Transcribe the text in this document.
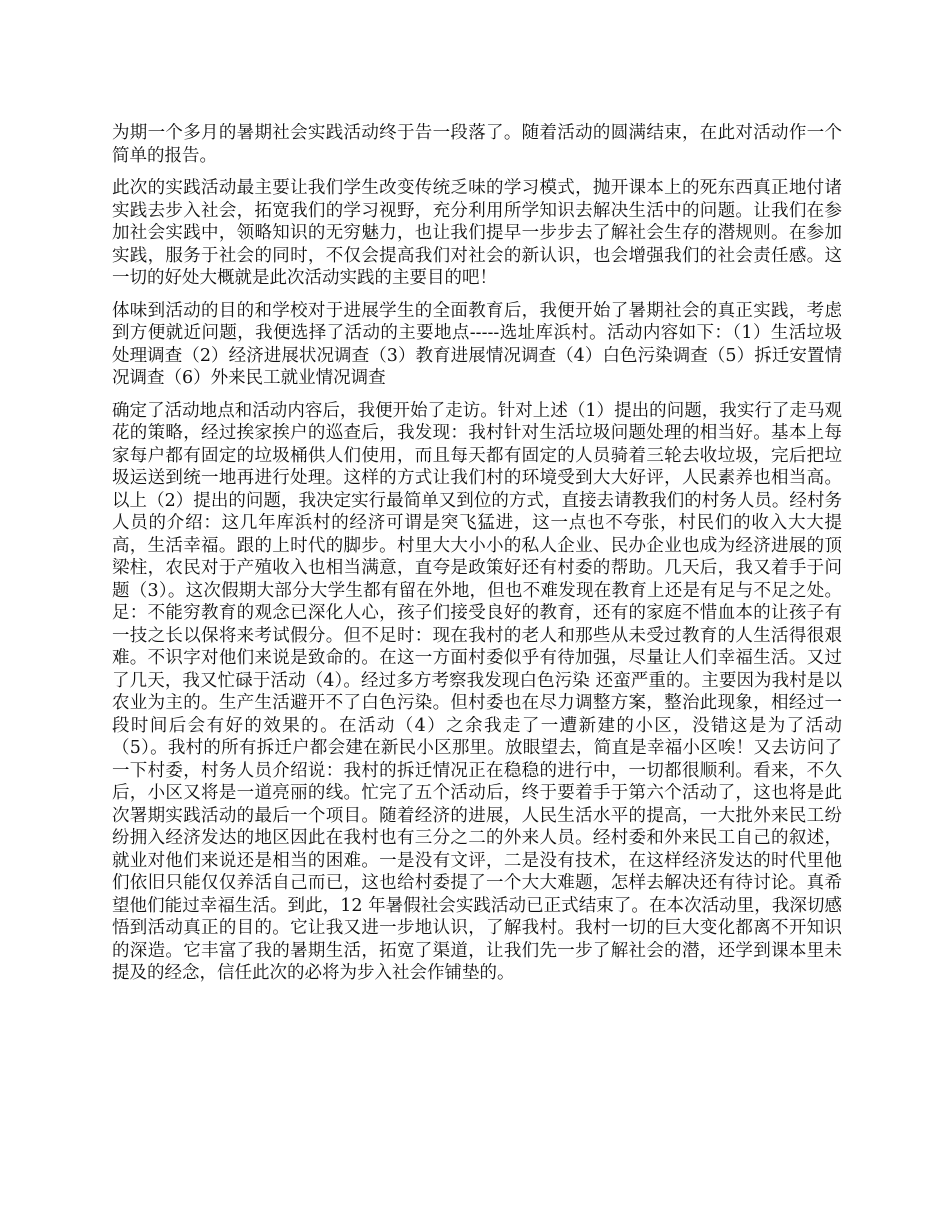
为期一个多月的暑期社会实践活动终于告一段落了。随着活动的圆满结束，在此对活动作一个简单的报告。

此次的实践活动最主要让我们学生改变传统乏味的学习模式，抛开课本上的死东西真正地付诸实践去步入社会，拓宽我们的学习视野，充分利用所学知识去解决生活中的问题。让我们在参加社会实践中，领略知识的无穷魅力，也让我们提早一步步去了解社会生存的潜规则。在参加实践，服务于社会的同时，不仅会提高我们对社会的新认识，也会增强我们的社会责任感。这一切的好处大概就是此次活动实践的主要目的吧！

体味到活动的目的和学校对于进展学生的全面教育后，我便开始了暑期社会的真正实践，考虑到方便就近问题，我便选择了活动的主要地点-----选址库浜村。活动内容如下：（1）生活垃圾处理调查（2）经济进展状况调查（3）教育进展情况调查（4）白色污染调查（5）拆迁安置情况调查（6）外来民工就业情况调查

确定了活动地点和活动内容后，我便开始了走访。针对上述（1）提出的问题，我实行了走马观花的策略，经过挨家挨户的巡查后，我发现：我村针对生活垃圾问题处理的相当好。基本上每家每户都有固定的垃圾桶供人们使用，而且每天都有固定的人员骑着三轮去收垃圾，完后把垃圾运送到统一地再进行处理。这样的方式让我们村的环境受到大大好评，人民素养也相当高。以上（2）提出的问题，我决定实行最简单又到位的方式，直接去请教我们的村务人员。经村务人员的介绍：这几年库浜村的经济可谓是突飞猛进，这一点也不夸张，村民们的收入大大提高，生活幸福。跟的上时代的脚步。村里大大小小的私人企业、民办企业也成为经济进展的顶梁柱，农民对于产殖收入也相当满意，直夸是政策好还有村委的帮助。几天后，我又着手于问题（3）。这次假期大部分大学生都有留在外地，但也不难发现在教育上还是有足与不足之处。足：不能穷教育的观念已深化人心，孩子们接受良好的教育，还有的家庭不惜血本的让孩子有一技之长以保将来考试假分。但不足时：现在我村的老人和那些从未受过教育的人生活得很艰难。不识字对他们来说是致命的。在这一方面村委似乎有待加强，尽量让人们幸福生活。又过了几天，我又忙碌于活动（4）。经过多方考察我发现白色污染 还蛮严重的。主要因为我村是以农业为主的。生产生活避开不了白色污染。但村委也在尽力调整方案，整治此现象，相经过一段时间后会有好的效果的。在活动（4）之余我走了一遭新建的小区，没错这是为了活动（5）。我村的所有拆迁户都会建在新民小区那里。放眼望去，简直是幸福小区唉！又去访问了一下村委，村务人员介绍说：我村的拆迁情况正在稳稳的进行中，一切都很顺利。看来，不久后，小区又将是一道亮丽的线。忙完了五个活动后，终于要着手于第六个活动了，这也将是此次署期实践活动的最后一个项目。随着经济的进展，人民生活水平的提高，一大批外来民工纷纷拥入经济发达的地区因此在我村也有三分之二的外来人员。经村委和外来民工自己的叙述，就业对他们来说还是相当的困难。一是没有文评，二是没有技术，在这样经济发达的时代里他们依旧只能仅仅养活自己而已，这也给村委提了一个大大难题，怎样去解决还有待讨论。真希望他们能过幸福生活。到此，12 年暑假社会实践活动已正式结束了。在本次活动里，我深切感悟到活动真正的目的。它让我又进一步地认识，了解我村。我村一切的巨大变化都离不开知识的深造。它丰富了我的暑期生活，拓宽了渠道，让我们先一步了解社会的潜，还学到课本里未提及的经念，信任此次的必将为步入社会作铺垫的。
